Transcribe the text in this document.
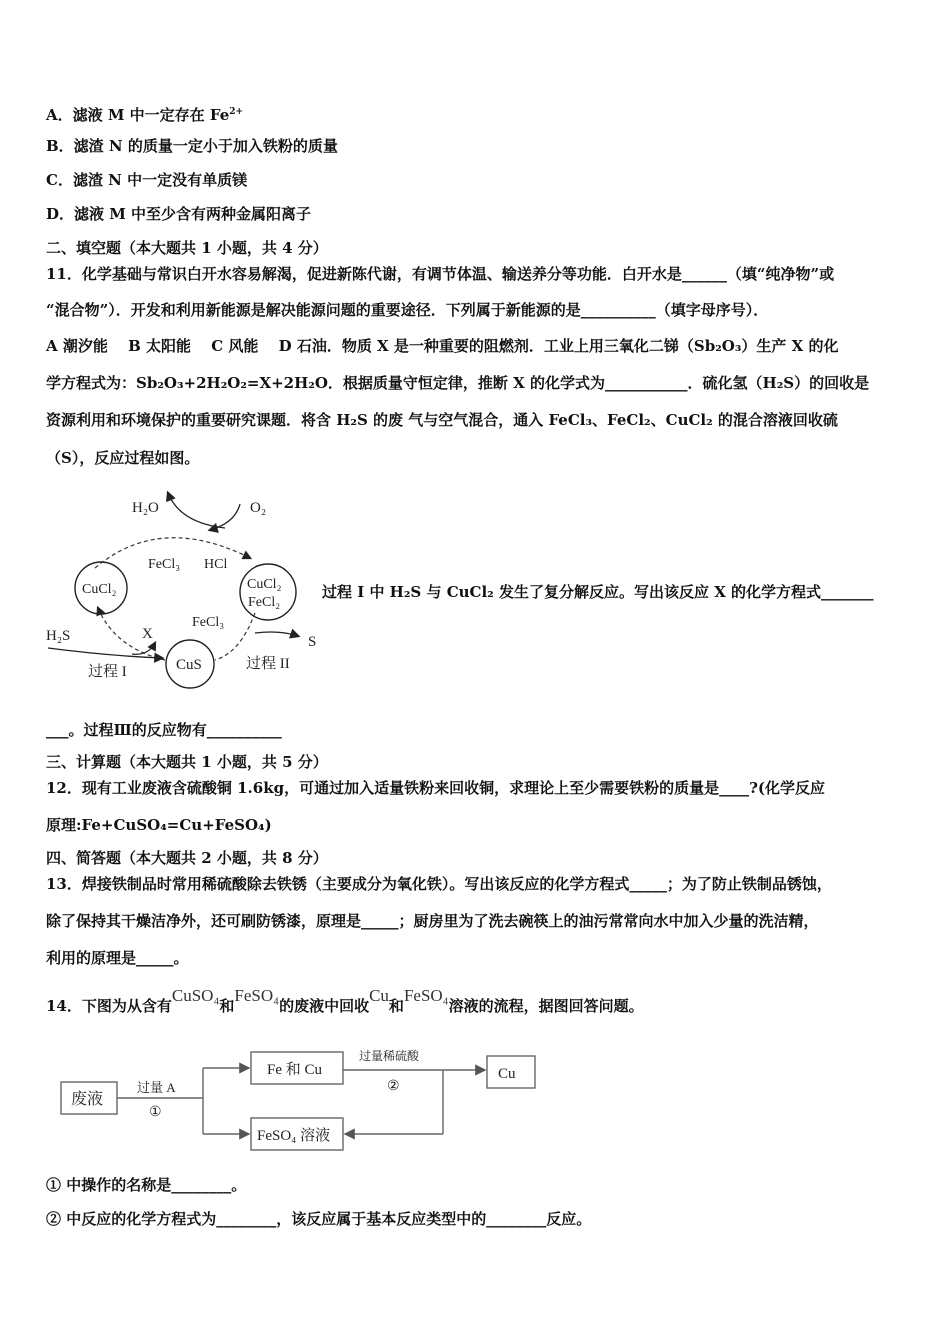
A．滤液 M 中一定存在 $Fe^{2+}$
B．滤渣 N 的质量一定小于加入铁粉的质量
C．滤渣 N 中一定没有单质镁
D．滤液 M 中至少含有两种金属阳离子
二、填空题（本大题共 1 小题，共 4 分）
11．化学基础与常识白开水容易解渴，促进新陈代谢，有调节体温、输送养分等功能．白开水是______（填“纯净物”或
“混合物”）．开发和利用新能源是解决能源问题的重要途径．下列属于新能源的是__________（填字母序号）．
A 潮汐能　 B 太阳能　 C 风能　 D 石油．物质 X 是一种重要的阻燃剂．工业上用三氧化二锑（Sb₂O₃）生产 X 的化
学方程式为：Sb₂O₃+2H₂O₂=X+2H₂O．根据质量守恒定律，推断 X 的化学式为___________．硫化氢（H₂S）的回收是
资源利用和环境保护的重要研究课题．将含 H₂S 的废 气与空气混合，通入 FeCl₃、FeCl₂、CuCl₂ 的混合溶液回收硫
（S），反应过程如图。
H₂O	O₂
FeCl₃ HCl
CuCl₂	CuCl₂
FeCl₂
FeCl₃
H₂S	X
CuS
S
过程 I	过程 II
过程 I 中 H₂S 与 CuCl₂ 发生了复分解反应。写出该反应 X 的化学方程式_______
___。过程Ⅲ的反应物有__________
三、计算题（本大题共 1 小题，共 5 分）
12．现有工业废液含硫酸铜 1.6kg，可通过加入适量铁粉来回收铜，求理论上至少需要铁粉的质量是____?(化学反应
原理:Fe+CuSO₄=Cu+FeSO₄)
四、简答题（本大题共 2 小题，共 8 分）
13．焊接铁制品时常用稀硫酸除去铁锈（主要成分为氧化铁）。写出该反应的化学方程式_____；为了防止铁制品锈蚀，
除了保持其干燥洁净外，还可刷防锈漆，原理是_____；厨房里为了洗去碗筷上的油污常常向水中加入少量的洗洁精，
利用的原理是_____。
14．下图为从含有CuSO₄和FeSO₄的废液中回收Cu和FeSO₄溶液的流程，据图回答问题。
废液
过量 A
①
Fe 和 Cu
过量稀硫酸
②
Cu
FeSO₄ 溶液
① 中操作的名称是________。
② 中反应的化学方程式为________，该反应属于基本反应类型中的________反应。
